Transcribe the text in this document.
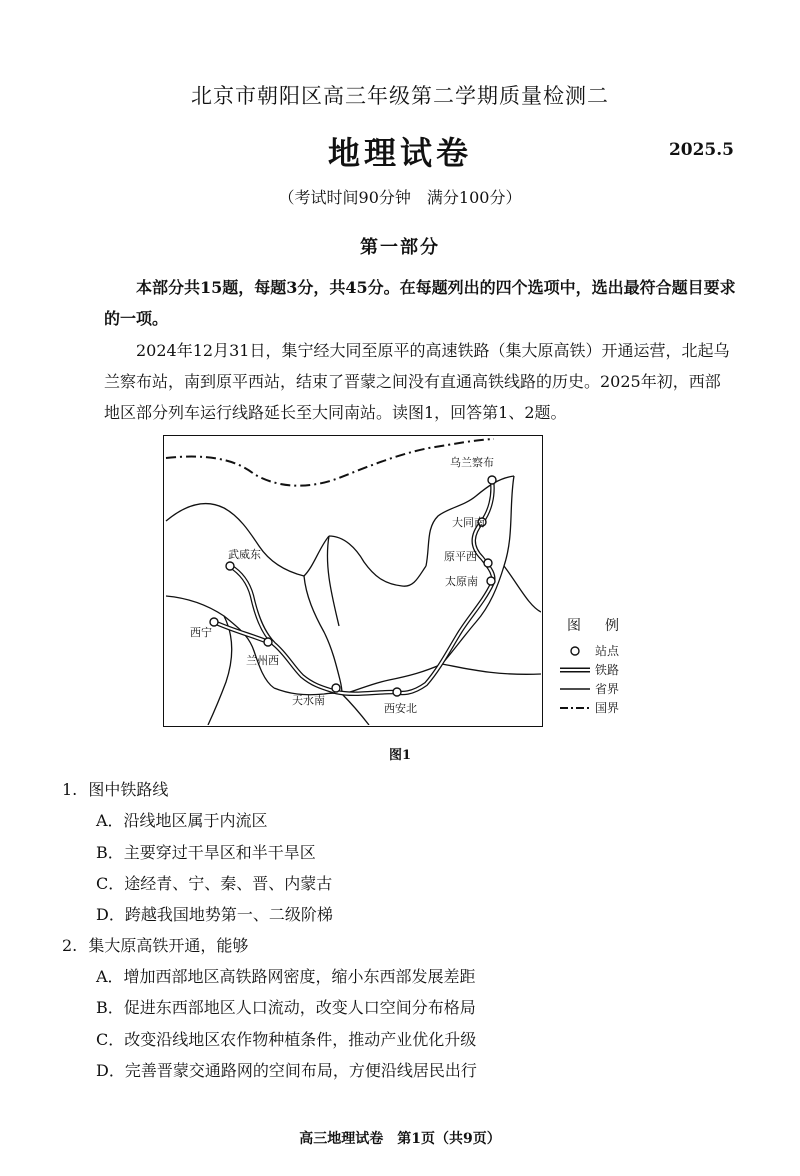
北京市朝阳区高三年级第二学期质量检测二
地理试卷	2025.5
（考试时间90分钟　满分100分）
第一部分
本部分共15题，每题3分，共45分。在每题列出的四个选项中，选出最符合题目要求的一项。
2024年12月31日，集宁经大同至原平的高速铁路（集大原高铁）开通运营，北起乌兰察布站，南到原平西站，结束了晋蒙之间没有直通高铁线路的历史。2025年初，西部地区部分列车运行线路延长至大同南站。读图1，回答第1、2题。
乌兰察布
大同南
原平西
太原南
武威东
西宁
兰州西
天水南
西安北
图例
站点
铁路
省界
国界
图1
1. 图中铁路线
A．沿线地区属于内流区
B．主要穿过干旱区和半干旱区
C．途经青、宁、秦、晋、内蒙古
D．跨越我国地势第一、二级阶梯
2. 集大原高铁开通，能够
A．增加西部地区高铁路网密度，缩小东西部发展差距
B．促进东西部地区人口流动，改变人口空间分布格局
C．改变沿线地区农作物种植条件，推动产业优化升级
D．完善晋蒙交通路网的空间布局，方便沿线居民出行
高三地理试卷　第1页（共9页）
